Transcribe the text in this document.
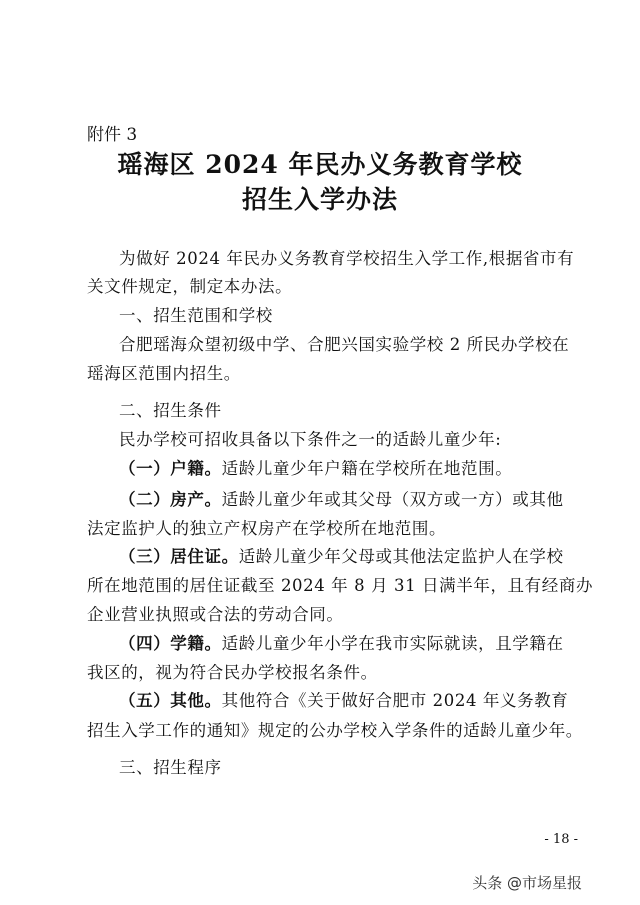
附件 3
瑶海区 2024 年民办义务教育学校
招生入学办法
为做好 2024 年民办义务教育学校招生入学工作,根据省市有
关文件规定，制定本办法。
一、招生范围和学校
合肥瑶海众望初级中学、合肥兴国实验学校 2 所民办学校在
瑶海区范围内招生。
二、招生条件
民办学校可招收具备以下条件之一的适龄儿童少年:
（一）户籍。适龄儿童少年户籍在学校所在地范围。
（二）房产。适龄儿童少年或其父母（双方或一方）或其他
法定监护人的独立产权房产在学校所在地范围。
（三）居住证。适龄儿童少年父母或其他法定监护人在学校
所在地范围的居住证截至 2024 年 8 月 31 日满半年，且有经商办
企业营业执照或合法的劳动合同。
（四）学籍。适龄儿童少年小学在我市实际就读，且学籍在
我区的，视为符合民办学校报名条件。
（五）其他。其他符合《关于做好合肥市 2024 年义务教育
招生入学工作的通知》规定的公办学校入学条件的适龄儿童少年。
三、招生程序
- 18 -
头条 @市场星报
